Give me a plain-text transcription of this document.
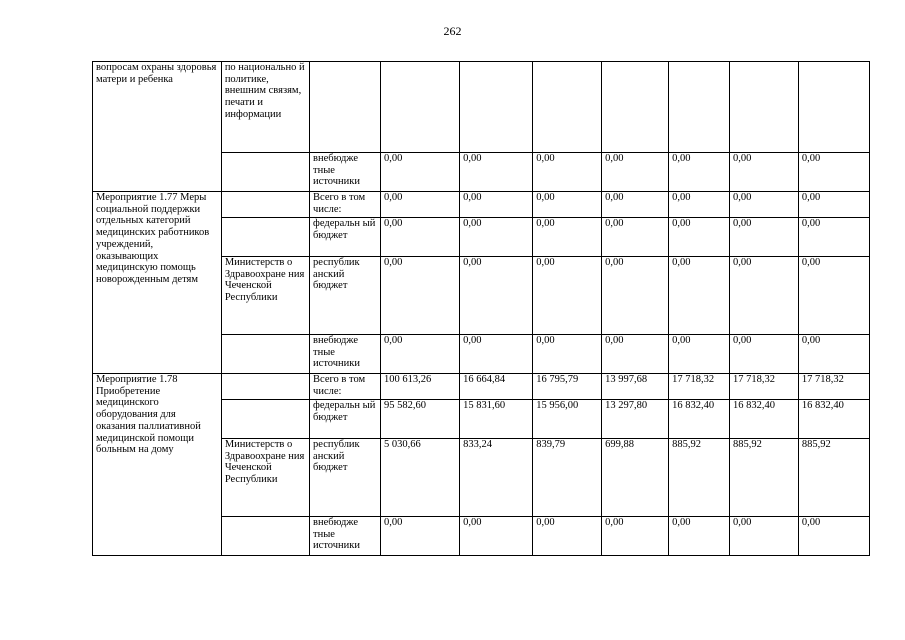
262
вопросам охраны здоровья матери и ребенка	по национально й политике, внешним связям, печати и информации								
		внебюдже тные источники	0,00	0,00	0,00	0,00	0,00	0,00	0,00
Мероприятие 1.77 Меры социальной поддержки отдельных категорий медицинских работников учреждений, оказывающих медицинскую помощь новорожденным детям		Всего в том числе:	0,00	0,00	0,00	0,00	0,00	0,00	0,00
		федеральн ый бюджет	0,00	0,00	0,00	0,00	0,00	0,00	0,00
	Министерств о Здравоохране ния Чеченской Республики	республик анский бюджет	0,00	0,00	0,00	0,00	0,00	0,00	0,00
		внебюдже тные источники	0,00	0,00	0,00	0,00	0,00	0,00	0,00
Мероприятие 1.78 Приобретение медицинского оборудования для оказания паллиативной медицинской помощи больным на дому		Всего в том числе:	100 613,26	16 664,84	16 795,79	13 997,68	17 718,32	17 718,32	17 718,32
		федеральн ый бюджет	95 582,60	15 831,60	15 956,00	13 297,80	16 832,40	16 832,40	16 832,40
	Министерств о Здравоохране ния Чеченской Республики	республик анский бюджет	5 030,66	833,24	839,79	699,88	885,92	885,92	885,92
		внебюдже тные источники	0,00	0,00	0,00	0,00	0,00	0,00	0,00
